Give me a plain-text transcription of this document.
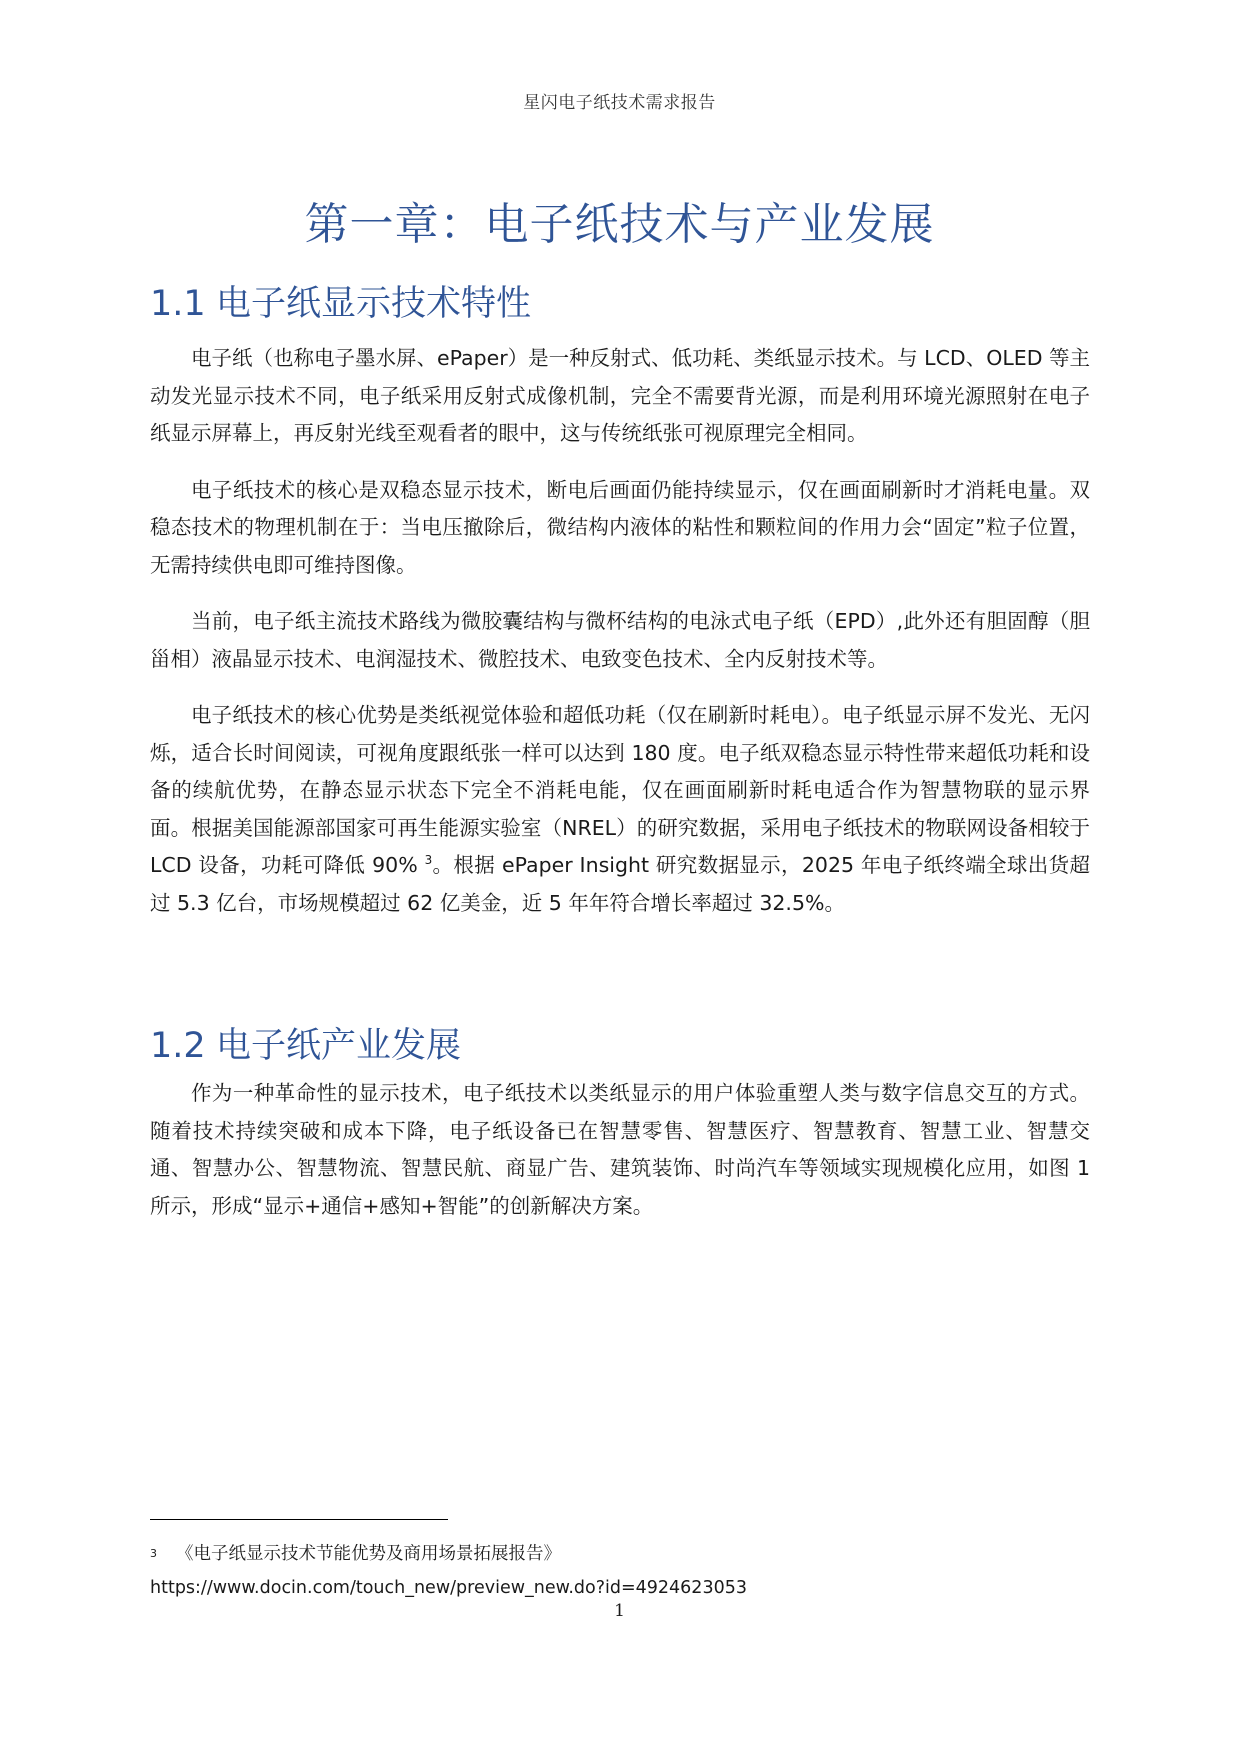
星闪电子纸技术需求报告
第一章：电子纸技术与产业发展
1.1 电子纸显示技术特性

电子纸（也称电子墨水屏、ePaper）是一种反射式、低功耗、类纸显示技术。与 LCD、OLED 等主动发光显示技术不同，电子纸采用反射式成像机制，完全不需要背光源，而是利用环境光源照射在电子纸显示屏幕上，再反射光线至观看者的眼中，这与传统纸张可视原理完全相同。

电子纸技术的核心是双稳态显示技术，断电后画面仍能持续显示，仅在画面刷新时才消耗电量。双稳态技术的物理机制在于：当电压撤除后，微结构内液体的粘性和颗粒间的作用力会“固定”粒子位置，无需持续供电即可维持图像。

当前，电子纸主流技术路线为微胶囊结构与微杯结构的电泳式电子纸（EPD）,此外还有胆固醇（胆甾相）液晶显示技术、电润湿技术、微腔技术、电致变色技术、全内反射技术等。

电子纸技术的核心优势是类纸视觉体验和超低功耗（仅在刷新时耗电）。电子纸显示屏不发光、无闪烁，适合长时间阅读，可视角度跟纸张一样可以达到 180 度。电子纸双稳态显示特性带来超低功耗和设备的续航优势，在静态显示状态下完全不消耗电能，仅在画面刷新时耗电适合作为智慧物联的显示界面。根据美国能源部国家可再生能源实验室（NREL）的研究数据，采用电子纸技术的物联网设备相较于 LCD 设备，功耗可降低 90% $^3$。根据 ePaper Insight 研究数据显示，2025 年电子纸终端全球出货超过 5.3 亿台，市场规模超过 62 亿美金，近 5 年年符合增长率超过 32.5%。

1.2 电子纸产业发展

作为一种革命性的显示技术，电子纸技术以类纸显示的用户体验重塑人类与数字信息交互的方式。随着技术持续突破和成本下降，电子纸设备已在智慧零售、智慧医疗、智慧教育、智慧工业、智慧交通、智慧办公、智慧物流、智慧民航、商显广告、建筑装饰、时尚汽车等领域实现规模化应用，如图 1 所示，形成“显示+通信+感知+智能”的创新解决方案。

3 《电子纸显示技术节能优势及商用场景拓展报告》
https://www.docin.com/touch_new/preview_new.do?id=4924623053
1
